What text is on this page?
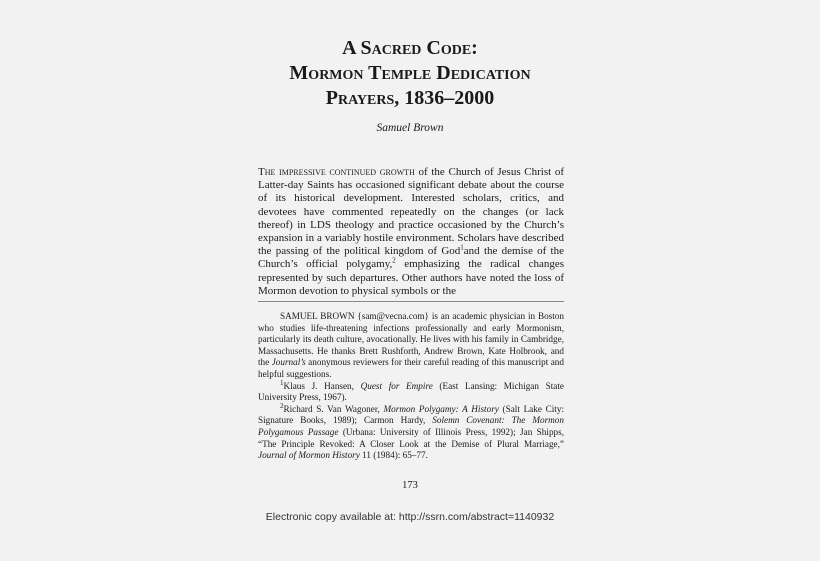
A Sacred Code:
Mormon Temple Dedication
Prayers, 1836–2000
Samuel Brown

The impressive continued growth of the Church of Jesus Christ of Latter-day Saints has occasioned significant debate about the course of its historical development. Interested scholars, critics, and devotees have commented repeatedly on the changes (or lack thereof) in LDS theology and practice occasioned by the Church’s expansion in a variably hostile environment. Scholars have described the passing of the political kingdom of God$^1$and the demise of the Church’s official polygamy,$^2$ emphasizing the radical changes represented by such departures. Other authors have noted the loss of Mormon devotion to physical symbols or the

SAMUEL BROWN {sam@vecna.com} is an academic physician in Boston who studies life-threatening infections professionally and early Mormonism, particularly its death culture, avocationally. He lives with his family in Cambridge, Massachusetts. He thanks Brett Rushforth, Andrew Brown, Kate Holbrook, and the Journal’s anonymous reviewers for their careful reading of this manuscript and helpful suggestions.

$^1$Klaus J. Hansen, Quest for Empire (East Lansing: Michigan State University Press, 1967).

$^2$Richard S. Van Wagoner, Mormon Polygamy: A History (Salt Lake City: Signature Books, 1989); Carmon Hardy, Solemn Covenant: The Mormon Polygamous Passage (Urbana: University of Illinois Press, 1992); Jan Shipps, “The Principle Revoked: A Closer Look at the Demise of Plural Marriage,” Journal of Mormon History 11 (1984): 65–77.

173
Electronic copy available at: http://ssrn.com/abstract=1140932
